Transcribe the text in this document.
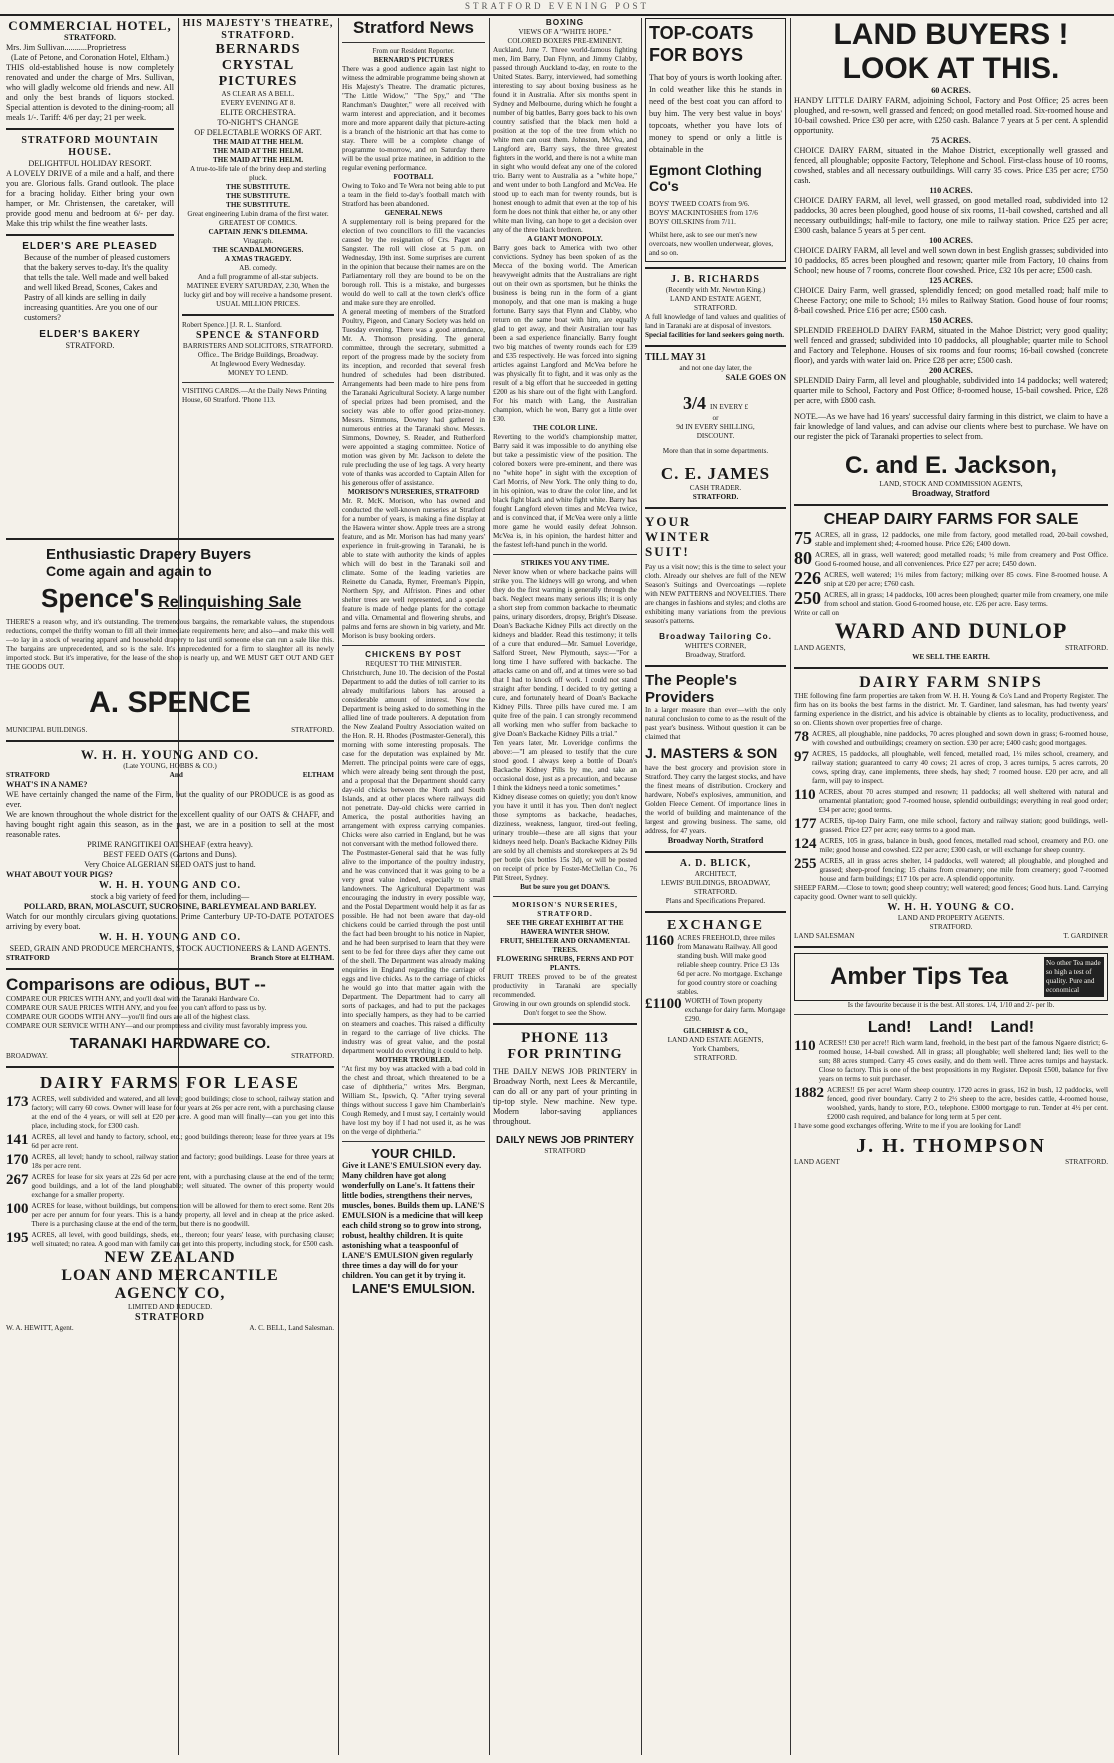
STRATFORD EVENING POST
COMMERCIAL HOTEL,
STRATFORD.
Mrs. Jim Sullivan...........Proprietress
(Late of Petone, and Coronation Hotel, Eltham.)
THIS old-established house is now completely renovated and under the charge of Mrs. Sullivan, who will gladly welcome old friends and new. All and only the best brands of liquors stocked. Special attention is devoted to the dining-room; all meals 1/-. Tariff: 4/6 per day; 21 per week.
STRATFORD MOUNTAIN HOUSE.
DELIGHTFUL HOLIDAY RESORT.
A LOVELY DRIVE of a mile and a half, and there you are. Glorious falls. Grand outlook. The place for a bracing holiday. Either bring your own hamper, or Mr. Christensen, the caretaker, will provide good menu and bedroom at 6/- per day. Make this trip whilst the fine weather lasts.
ELDER'S ARE PLEASED
Because of the number of pleased customers that the bakery serves to-day. It's the quality that tells the tale. Well made and well baked and well liked Bread, Scones, Cakes and Pastry of all kinds are selling in daily increasing quantities. Are you one of our customers?
ELDER'S BAKERY
STRATFORD.
HIS MAJESTY'S THEATRE, STRATFORD.
BERNARDS
CRYSTAL PICTURES
AS CLEAR AS A BELL.
EVERY EVENING AT 8.
ELITE ORCHESTRA.
TO-NIGHT'S CHANGE
OF DELECTABLE WORKS OF ART.
THE MAID AT THE HELM.
THE MAID AT THE HELM.
THE MAID AT THE HELM.
A true-to-life tale of the briny deep and sterling pluck.
THE SUBSTITUTE.
THE SUBSTITUTE.
THE SUBSTITUTE.
Great engineering Lubin drama of the first water.
GREATEST OF COMICS.
CAPTAIN JENK'S DILEMMA.
Vitagraph.
THE SCANDALMONGERS.
A XMAS TRAGEDY.
AB. comedy.
And a full programme of all-star subjects.
MATINEE EVERY SATURDAY, 2.30, When the lucky girl and boy will receive a handsome present.
USUAL MILLION PRICES.
Robert Spence.] [J. R. L. Stanford.
SPENCE & STANFORD
BARRISTERS AND SOLICITORS, STRATFORD.
Office.. The Bridge Buildings, Broadway.
At Inglewood Every Wednesday.
MONEY TO LEND.
VISITING CARDS.—At the Daily News Printing House, 60 Stratford. 'Phone 113.
Enthusiastic Drapery Buyers
Come again and again to
Spence's Relinquishing Sale
THERE'S a reason why, and it's outstanding. The tremendous bargains, the remarkable values, the stupendous reductions, compel the thrifty woman to fill all their immediate requirements here; and also—and make this well—to lay in a stock of wearing apparel and household drapery to last until someone else can run a sale like this. The bargains are unprecedented, and so is the sale. It's unprecedented for a firm to slaughter all its newly imported stock. But it's imperative, for the lease of the shop is nearly up, and WE MUST GET OUT AND GET THE GOODS OUT.
A. SPENCE
MUNICIPAL BUILDINGS.	STRATFORD.
W. H. H. YOUNG AND CO.
(Late YOUNG, HOBBS & CO.)
STRATFORD	And	ELTHAM
WHAT'S IN A NAME?
WE have certainly changed the name of the Firm, but the quality of our PRODUCE is as good as ever.
We are known throughout the whole district for the excellent quality of our OATS & CHAFF, and having bought right again this season, as in the past, we are in a position to sell at the most reasonable rates.
PRIME RANGITIKEI OATSHEAF (extra heavy).
BEST FEED OATS (Gartons and Duns).
Very Choice ALGERIAN SEED OATS just to hand.
WHAT ABOUT YOUR PIGS?
W. H. H. YOUNG AND CO.
stock a big variety of feed for them, including—
POLLARD, BRAN, MOLASCUIT, SUCROSINE, BARLEYMEAL AND BARLEY.
Watch for our monthly circulars giving quotations. Prime Canterbury UP-TO-DATE POTATOES arriving by every boat.
W. H. H. YOUNG AND CO.
SEED, GRAIN AND PRODUCE MERCHANTS, STOCK AUCTIONEERS & LAND AGENTS.
STRATFORD	Branch Store at ELTHAM.
Comparisons are odious, BUT --
COMPARE OUR PRICES WITH ANY, and you'll deal with the Taranaki Hardware Co.
COMPARE OUR SAUE PRICES WITH ANY, and you feel you can't afford to pass us by.
COMPARE OUR GOODS WITH ANY—you'll find ours are all of the highest class.
COMPARE OUR SERVICE WITH ANY—and our promptness and civility must favorably impress you.
TARANAKI HARDWARE CO.
BROADWAY.	STRATFORD.
DAIRY FARMS FOR LEASE
173 ACRES, well subdivided and watered, and all level; good buildings; close to school, railway station and factory; will carry 60 cows. Owner will lease for four years at 26s per acre rent, with a purchasing clause at the end of the 4 years, or will sell at £20 per acre. A good man will finally—can you get into this place, including stock, for £300 cash.
141 ACRES, all level and handy to factory, school, etc.; good buildings thereon; lease for three years at 19s 6d per acre rent.
170 ACRES, all level; handy to school, railway station and factory; good buildings. Lease for three years at 18s per acre rent.
267 ACRES for lease for six years at 22s 6d per acre rent, with a purchasing clause at the end of the term; good buildings, and a lot of the land ploughable; well situated. The owner of this property would exchange for a smaller property.
100 ACRES for lease, without buildings, but compensation will be allowed for them to erect some. Rent 20s per acre per annum for four years. This is a handy property, all level and in cheap at the price asked. There is a purchasing clause at the end of the term, but there is no goodwill.
195 ACRES, all level, with good buildings, sheds, etc., thereon; four years' lease, with purchasing clause; well situated; no ratea. A good man with family can get into this property, including stock, for £500 cash.
NEW ZEALAND
LOAN AND MERCANTILE
AGENCY CO,
LIMITED AND REDUCED.
STRATFORD
W. A. HEWITT, Agent.	A. C. BELL, Land Salesman.
Stratford News
From our Resident Reporter.
BERNARD'S PICTURES
There was a good audience again last night to witness the admirable programme being shown at His Majesty's Theatre. The dramatic pictures, "The Little Widow," "The Spy," and "The Ranchman's Daughter," were all received with warm interest and appreciation, and it becomes more and more apparent daily that picture-acting is a branch of the histrionic art that has come to stay. There will be a complete change of programme to-morrow, and on Saturday there will be the usual prize matinee, in addition to the regular evening performance.
FOOTBALL
Owing to Toko and Te Wera not being able to put a team in the field to-day's football match with Stratford has been abandoned.
GENERAL NEWS
A supplementary roll is being prepared for the election of two councillors to fill the vacancies caused by the resignation of Crs. Paget and Sangster. The roll will close at 5 p.m. on Wednesday, 19th inst. Some surprises are current in the opinion that because their names are on the Parliamentary roll they are bound to be on the borough roll. This is a mistake, and burgesses would do well to call at the town clerk's office and make sure they are enrolled.
A general meeting of members of the Stratford Poultry, Pigeon, and Canary Society was held on Tuesday evening. There was a good attendance, Mr. A. Thomson presiding. The general committee, through the secretary, submitted a report of the progress made by the society from its inception, and recorded that several fresh hundred of schedules had been distributed. Arrangements had been made to hire pens from the Taranaki Agricultural Society. A large number of special prizes had been promised, and the society was able to offer good prize-money. Messrs. Simmons, Downey had gathered in numerous entries at the Taranaki show. Messrs. Simmons, Downey, S. Reader, and Rutherford were appointed a staging committee. Notice of motion was given by Mr. Jackson to delete the rule precluding the use of leg tags. A very hearty vote of thanks was accorded to Captain Allen for his generous offer of assistance.
MORISON'S NURSERIES, STRATFORD
Mr. R. McK. Morison, who has owned and conducted the well-known nurseries at Stratford for a number of years, is making a fine display at the Hawera winter show. Apple trees are a strong feature, and as Mr. Morison has had many years' experience in fruit-growing in Taranaki, he is able to state with authority the kinds of apples which will do best in the Taranaki soil and climate. Some of the leading varieties are Reinette du Canada, Rymer, Freeman's Pippin, Northern Spy, and Alfriston. Pines and other shelter trees are well represented, and a special feature is made of hedge plants for the cottage and villa. Ornamental and flowering shrubs, and palms and ferns are shown in big variety, and Mr. Morison is busy booking orders.
CHICKENS BY POST
REQUEST TO THE MINISTER.
Christchurch, June 10. The decision of the Postal Department to add the duties of toll carrier to its already multifarious labors has aroused a considerable amount of interest. Now the Department is being asked to do something in the allied line of trade poulterers. A deputation from the New Zealand Poultry Association waited on the Hon. R. H. Rhodes (Postmaster-General), this morning with some interesting proposals. The case for the deputation was explained by Mr. Merrett. The principal points were care of eggs, which were already being sent through the post, and a proposal that the Department should carry day-old chicks between the North and South Islands, and at other places where railways did not penetrate. Day-old chicks were carried in America, the postal authorities having an arrangement with express carrying companies. Chicks were also carried in England, but he was not conversant with the method followed there.
The Postmaster-General said that he was fully alive to the importance of the poultry industry, and he was convinced that it was going to be a very great value indeed, especially to small landowners. The Agricultural Department was encouraging the industry in every possible way, and the Postal Department would help it as far as possible. He had not been aware that day-old chickens could be carried through the post until the fact had been brought to his notice in Napier, and he had been surprised to learn that they were sent to be fed for three days after they came out of the shell. The Department was already making enquiries in England regarding the carriage of eggs and live chicks. As to the carriage of chicks he would go into that matter again with the Department. The Department had to carry all sorts of packages, and had to put the packages into specially hampers, as they had to be carried on steamers and coaches. This raised a difficulty in regard to the carriage of live chicks. The industry was of great value, and the postal department would do everything it could to help.
MOTHER TROUBLED.
"At first my boy was attacked with a bad cold in the chest and throat, which threatened to be a case of diphtheria," writes Mrs. Bergman, William St., Ipswich, Q. "After trying several things without success I gave him Chamberlain's Cough Remedy, and I must say, I certainly would have lost my boy if I had not used it, as he was on the verge of diphtheria."
YOUR CHILD.
Give it LANE'S EMULSION every day. Many children have got along wonderfully on Lane's. It fattens their little bodies, strengthens their nerves, muscles, bones. Builds them up. LANE'S EMULSION is a medicine that will keep each child strong so to grow into strong, robust, healthy children. It is quite astonishing what a teaspoonful of LANE'S EMULSION given regularly three times a day will do for your children. You can get it by trying it.
LANE'S EMULSION.
BOXING
VIEWS OF A "WHITE HOPE."
COLORED BOXERS PRE-EMINENT.
Auckland, June 7. Three world-famous fighting men, Jim Barry, Dan Flynn, and Jimmy Clabby, passed through Auckland to-day, en route to the United States. Barry, interviewed, had something interesting to say about boxing business as he found it in Australia. After six months spent in Sydney and Melbourne, during which he fought a number of big battles, Barry goes back to his own country satisfied that the black men hold a position at the top of the tree from which no white men can oust them. Johnston, McVea, and Langford are, Barry says, the three greatest fighters in the world, and there is not a white man in sight who would defeat any one of the colored trio. Barry went to Australia as a "white hope," and went under to both Langford and McVea. He stood up to each man for twenty rounds, but is honest enough to admit that even at the top of his form he does not think that either he, or any other white man living, can hope to get a decision over any of the three black brethren.
A GIANT MONOPOLY.
Barry goes back to America with two other convictions. Sydney has been spoken of as the Mecca of the boxing world. The American heavyweight admits that the Australians are right out on their own as sportsmen, but he thinks the business is being run in the form of a giant monopoly, and that one man is making a huge fortune. Barry says that Flynn and Clabby, who return on the same boat with him, are equally glad to get away, and their Australian tour has been a sad experience financially. Barry fought two big matches of twenty rounds each for £39 and £35 respectively. He was forced into signing articles against Langford and McVea before he was physically fit to fight, and it was only as the result of a big effort that he succeeded in getting £200 as his share out of the fight with Langford. For his match with Lang, the Australian champion, which he won, Barry got a little over £30.
THE COLOR LINE.
Reverting to the world's championship matter, Barry said it was impossible to do anything else but take a pessimistic view of the position. The colored boxers were pre-eminent, and there was no "white hope" in sight with the exception of Carl Morris, of New York. The only thing to do, in his opinion, was to draw the color line, and let black fight black and white fight white. Barry has fought Langford eleven times and McVea twice, and is convinced that, if McVea were only a little more game he would easily defeat Johnson. McVea is, in his opinion, the hardest hitter and the fastest left-hand punch in the world.
STRIKES YOU ANY TIME.
Never know when or where backache pains will strike you. The kidneys will go wrong, and when they do the first warning is generally through the back. Neglect means many serious ills; it is only a short step from common backache to rheumatic pains, urinary disorders, dropsy, Bright's Disease. Doan's Backache Kidney Pills act directly on the kidneys and bladder. Read this testimony; it tells of a cure that endured—Mr. Samuel Loveridge, Salford Street, New Plymouth, says:—"For a long time I have suffered with backache. The attacks came on and off, and at times were so bad that I had to knock off work. I could not stand straight after bending. I decided to try getting a cure, and fortunately heard of Doan's Backache Kidney Pills. Three pills have cured me. I am quite free of the pain. I can strongly recommend all working men who suffer from backache to give Doan's Backache Kidney Pills a trial."
Ten years later, Mr. Loveridge confirms the above:—"I am pleased to testify that the cure stood good. I always keep a bottle of Doan's Backache Kidney Pills by me, and take an occasional dose, just as a precaution, and because I think the kidneys need a tonic sometimes."
Kidney disease comes on quietly; you don't know you have it until it has you. Then don't neglect those symptoms as backache, headaches, dizziness, weakness, languor, tired-out feeling, urinary trouble—these are all signs that your kidneys need help. Doan's Backache Kidney Pills are sold by all chemists and storekeepers at 2s 9d per bottle (six bottles 15s 3d), or will be posted on receipt of price by Foster-McClellan Co., 76 Pitt Street, Sydney.
But be sure you get DOAN'S.
MORISON'S NURSERIES, STRATFORD.
SEE THE GREAT EXHIBIT AT THE HAWERA WINTER SHOW.
FRUIT, SHELTER AND ORNAMENTAL TREES.
FLOWERING SHRUBS, FERNS AND POT PLANTS.
FRUIT TREES proved to be of the greatest productivity in Taranaki are specially recommended.
Growing in our own grounds on splendid stock.
Don't forget to see the Show.
PHONE 113
FOR PRINTING
THE DAILY NEWS JOB PRINTERY in Broadway North, next Lees & Mercantile, can do all or any part of your printing in tip-top style. New machine. New type. Modern labor-saving appliances throughout.
DAILY NEWS JOB PRINTERY
STRATFORD
TOP-COATS
FOR BOYS
That boy of yours is worth looking after. In cold weather like this he stands in need of the best coat you can afford to buy him. The very best value in boys' topcoats, whether you have lots of money to spend or only a little is obtainable in the
Egmont Clothing Co's
BOYS' TWEED COATS from 9/6.
BOYS' MACKINTOSHES from 17/6
BOYS' OILSKINS from 7/11.
Whilst here, ask to see our men's new overcoats, new woollen underwear, gloves, and so on.
J. B. RICHARDS
(Recently with Mr. Newton King.)
LAND AND ESTATE AGENT,
STRATFORD.
A full knowledge of land values and qualities of land in Taranaki are at disposal of investors.
Special facilities for land seekers going north.
TILL MAY 31
and not one day later, the
SALE GOES ON
3/4 IN EVERY £
or
9d IN EVERY SHILLING,
DISCOUNT.
More than that in some departments.
C. E. JAMES
CASH TRADER.
STRATFORD.
YOUR
WINTER
SUIT!
Pay us a visit now; this is the time to select your cloth. Already our shelves are full of the NEW Season's Suitings and Overcoatings —replete with NEW PATTERNS and NOVELTIES. There are changes in fashions and styles; and cloths are exhibiting many variations from the previous season's patterns.
Broadway Tailoring Co.
WHITE'S CORNER,
Broadway, Stratford.
The People's Providers
In a larger measure than ever—with the only natural conclusion to come to as the result of the past year's business. Without question it can be claimed that
J. MASTERS & SON
have the best grocery and provision store in Stratford. They carry the largest stocks, and have the finest means of distribution. Crockery and hardware, Nobel's explosives, ammunition, and Golden Fleece Cement. Of importance lines in the world of building and maintenance of the largest and growing business. The same, old address, for 47 years.
Broadway North, Stratford
A. D. BLICK,
ARCHITECT,
LEWIS' BUILDINGS, BROADWAY,
STRATFORD.
Plans and Specifications Prepared.
EXCHANGE
1160 ACRES FREEHOLD, three miles from Manawatu Railway. All good standing bush. Will make good reliable sheep country. Price £3 13s 6d per acre. No mortgage. Exchange for good country store or coaching stables.
£1100 WORTH of Town property exchange for dairy farm. Mortgage £290.
GILCHRIST & CO.,
LAND AND ESTATE AGENTS,
York Chambers,
STRATFORD.
LAND BUYERS !
LOOK AT THIS.
60 ACRES.
HANDY LITTLE DAIRY FARM, adjoining School, Factory and Post Office; 25 acres been ploughed, and re-sown, well grassed and fenced; on good metalled road. Six-roomed house and 10-bail cowshed. Price £30 per acre, with £250 cash. Balance 7 years at 5 per cent. A splendid opportunity.
75 ACRES.
CHOICE DAIRY FARM, situated in the Mahoe District, exceptionally well grassed and fenced, all ploughable; opposite Factory, Telephone and School. First-class house of 10 rooms, cowshed, stables and all necessary outbuildings. Will carry 35 cows. Price £35 per acre; £750 cash.
110 ACRES.
CHOICE DAIRY FARM, all level, well grassed, on good metalled road, subdivided into 12 paddocks, 30 acres been ploughed, good house of six rooms, 11-bail cowshed, cartshed and all necessary outbuildings; half-mile to factory, one mile to railway station. Price £25 per acre; £300 cash, balance 5 years at 5 per cent.
100 ACRES.
CHOICE DAIRY FARM, all level and well sown down in best English grasses; subdivided into 10 paddocks, 85 acres been ploughed and resown; quarter mile from Factory, 10 chains from School; new house of 7 rooms, concrete floor cowshed. Price, £32 10s per acre; £500 cash.
125 ACRES.
CHOICE Dairy Farm, well grassed, splendidly fenced; on good metalled road; half mile to Cheese Factory; one mile to School; 1½ miles to Railway Station. Good house of four rooms; 8-bail cowshed. Price £16 per acre; £500 cash.
150 ACRES.
SPLENDID FREEHOLD DAIRY FARM, situated in the Mahoe District; very good quality; well fenced and grassed; subdivided into 10 paddocks, all ploughable; quarter mile to School and Factory and Telephone. Houses of six rooms and four rooms; 16-bail cowshed (concrete floor), and yards with water laid on. Price £28 per acre; £500 cash.
200 ACRES.
SPLENDID Dairy Farm, all level and ploughable, subdivided into 14 paddocks; well watered; quarter mile to School, Factory and Post Office; 8-roomed house, 15-bail cowshed. Price, £28 per acre, with £800 cash.
NOTE.—As we have had 16 years' successful dairy farming in this district, we claim to have a fair knowledge of land values, and can advise our clients where best to purchase. We have on our register the pick of Taranaki properties to select from.
C. and E. Jackson,
LAND, STOCK AND COMMISSION AGENTS,
Broadway, Stratford
CHEAP DAIRY FARMS FOR SALE
75 ACRES, all in grass, 12 paddocks, one mile from factory, good metalled road, 20-bail cowshed, stable and implement shed; 4-roomed house. Price £26; £400 down.
80 ACRES, all in grass, well watered; good metalled roads; ½ mile from creamery and Post Office. Good 6-roomed house, and all conveniences. Price £27 per acre; £450 down.
226 ACRES, well watered; 1½ miles from factory; milking over 85 cows. Fine 8-roomed house. A snip at £20 per acre; £760 cash.
250 ACRES, all in grass; 14 paddocks, 100 acres been ploughed; quarter mile from creamery, one mile from school and station. Good 6-roomed house, etc. £26 per acre. Easy terms.
Write or call on
WARD AND DUNLOP
LAND AGENTS,	STRATFORD.
WE SELL THE EARTH.
DAIRY FARM SNIPS
THE following fine farm properties are taken from W. H. H. Young & Co's Land and Property Register. The firm has on its books the best farms in the district. Mr. T. Gardiner, land salesman, has had twenty years' farming experience in the district, and his advice is obtainable by clients as to locality, productiveness, and so on. Clients shown over properties free of charge.
78 ACRES, all ploughable, nine paddocks, 70 acres ploughed and sown down in grass; 6-roomed house, with cowshed and outbuildings; creamery on section. £30 per acre; £400 cash; good mortgages.
97 ACRES, 15 paddocks, all ploughable, well fenced, metalled road, 1½ miles school, creamery, and railway station; guaranteed to carry 40 cows; 21 acres of crop, 3 acres turnips, 5 acres carrots, 20 cows, spring dray, cane implements, three sheds, hay shed; 7 roomed house. £20 per acre, and all farm, will pay to inspect.
110 ACRES, about 70 acres stumped and resown; 11 paddocks; all well sheltered with natural and ornamental plantation; good 7-roomed house, splendid outbuildings; everything in real good order; £34 per acre; good terms.
177 ACRES, tip-top Dairy Farm, one mile school, factory and railway station; good buildings, well-grassed. Price £27 per acre; easy terms to a good man.
124 ACRES, 105 in grass, balance in bush, good fences, metalled road school, creamery and P.O. one mile; good house and cowshed. £22 per acre; £300 cash, or will exchange for sheep country.
255 ACRES, all in grass acres shelter, 14 paddocks, well watered; all ploughable, and ploughed and grassed; sheep-proof fencing; 15 chains from creamery; one mile from creamery; good 7-roomed house and farm buildings; £17 10s per acre. A splendid opportunity.
SHEEP FARM.—Close to town; good sheep country; well watered; good fences; Good huts. Land. Carrying capacity good. Owner want to sell quickly.
W. H. H. YOUNG & CO.
LAND AND PROPERTY AGENTS.
STRATFORD.
LAND SALESMAN	T. GARDINER
Amber Tips Tea	No other Tea made so high a test of quality. Pure and economical
Is the favourite because it is the best. All stores. 1/4, 1/10 and 2/- per lb.
Land!    Land!    Land!
110 ACRES!! £30 per acre!! Rich warm land, freehold, in the best part of the famous Ngaere district; 6-roomed house, 14-bail cowshed. All in grass; all ploughable; well sheltered land; lies well to the sun; 88 acres stumped. Carry 45 cows easily, and do them well. Three acres turnips and haystack. Close to factory. This is one of the best propositions in my Register. Deposit £500, balance for five years on terms to suit purchaser.
1882 ACRES!! £6 per acre! Warm sheep country. 1720 acres in grass, 162 in bush, 12 paddocks, well fenced, good river boundary. Carry 2 to 2½ sheep to the acre, besides cattle, 4-roomed house, woolshed, yards, handy to store, P.O., telephone. £3000 mortgage to run. Tender at 4½ per cent. £2000 cash required, and balance for long term at 5 per cent.
I have some good exchanges offering. Write to me if you are looking for Land!
J. H. THOMPSON
LAND AGENT	STRATFORD.
